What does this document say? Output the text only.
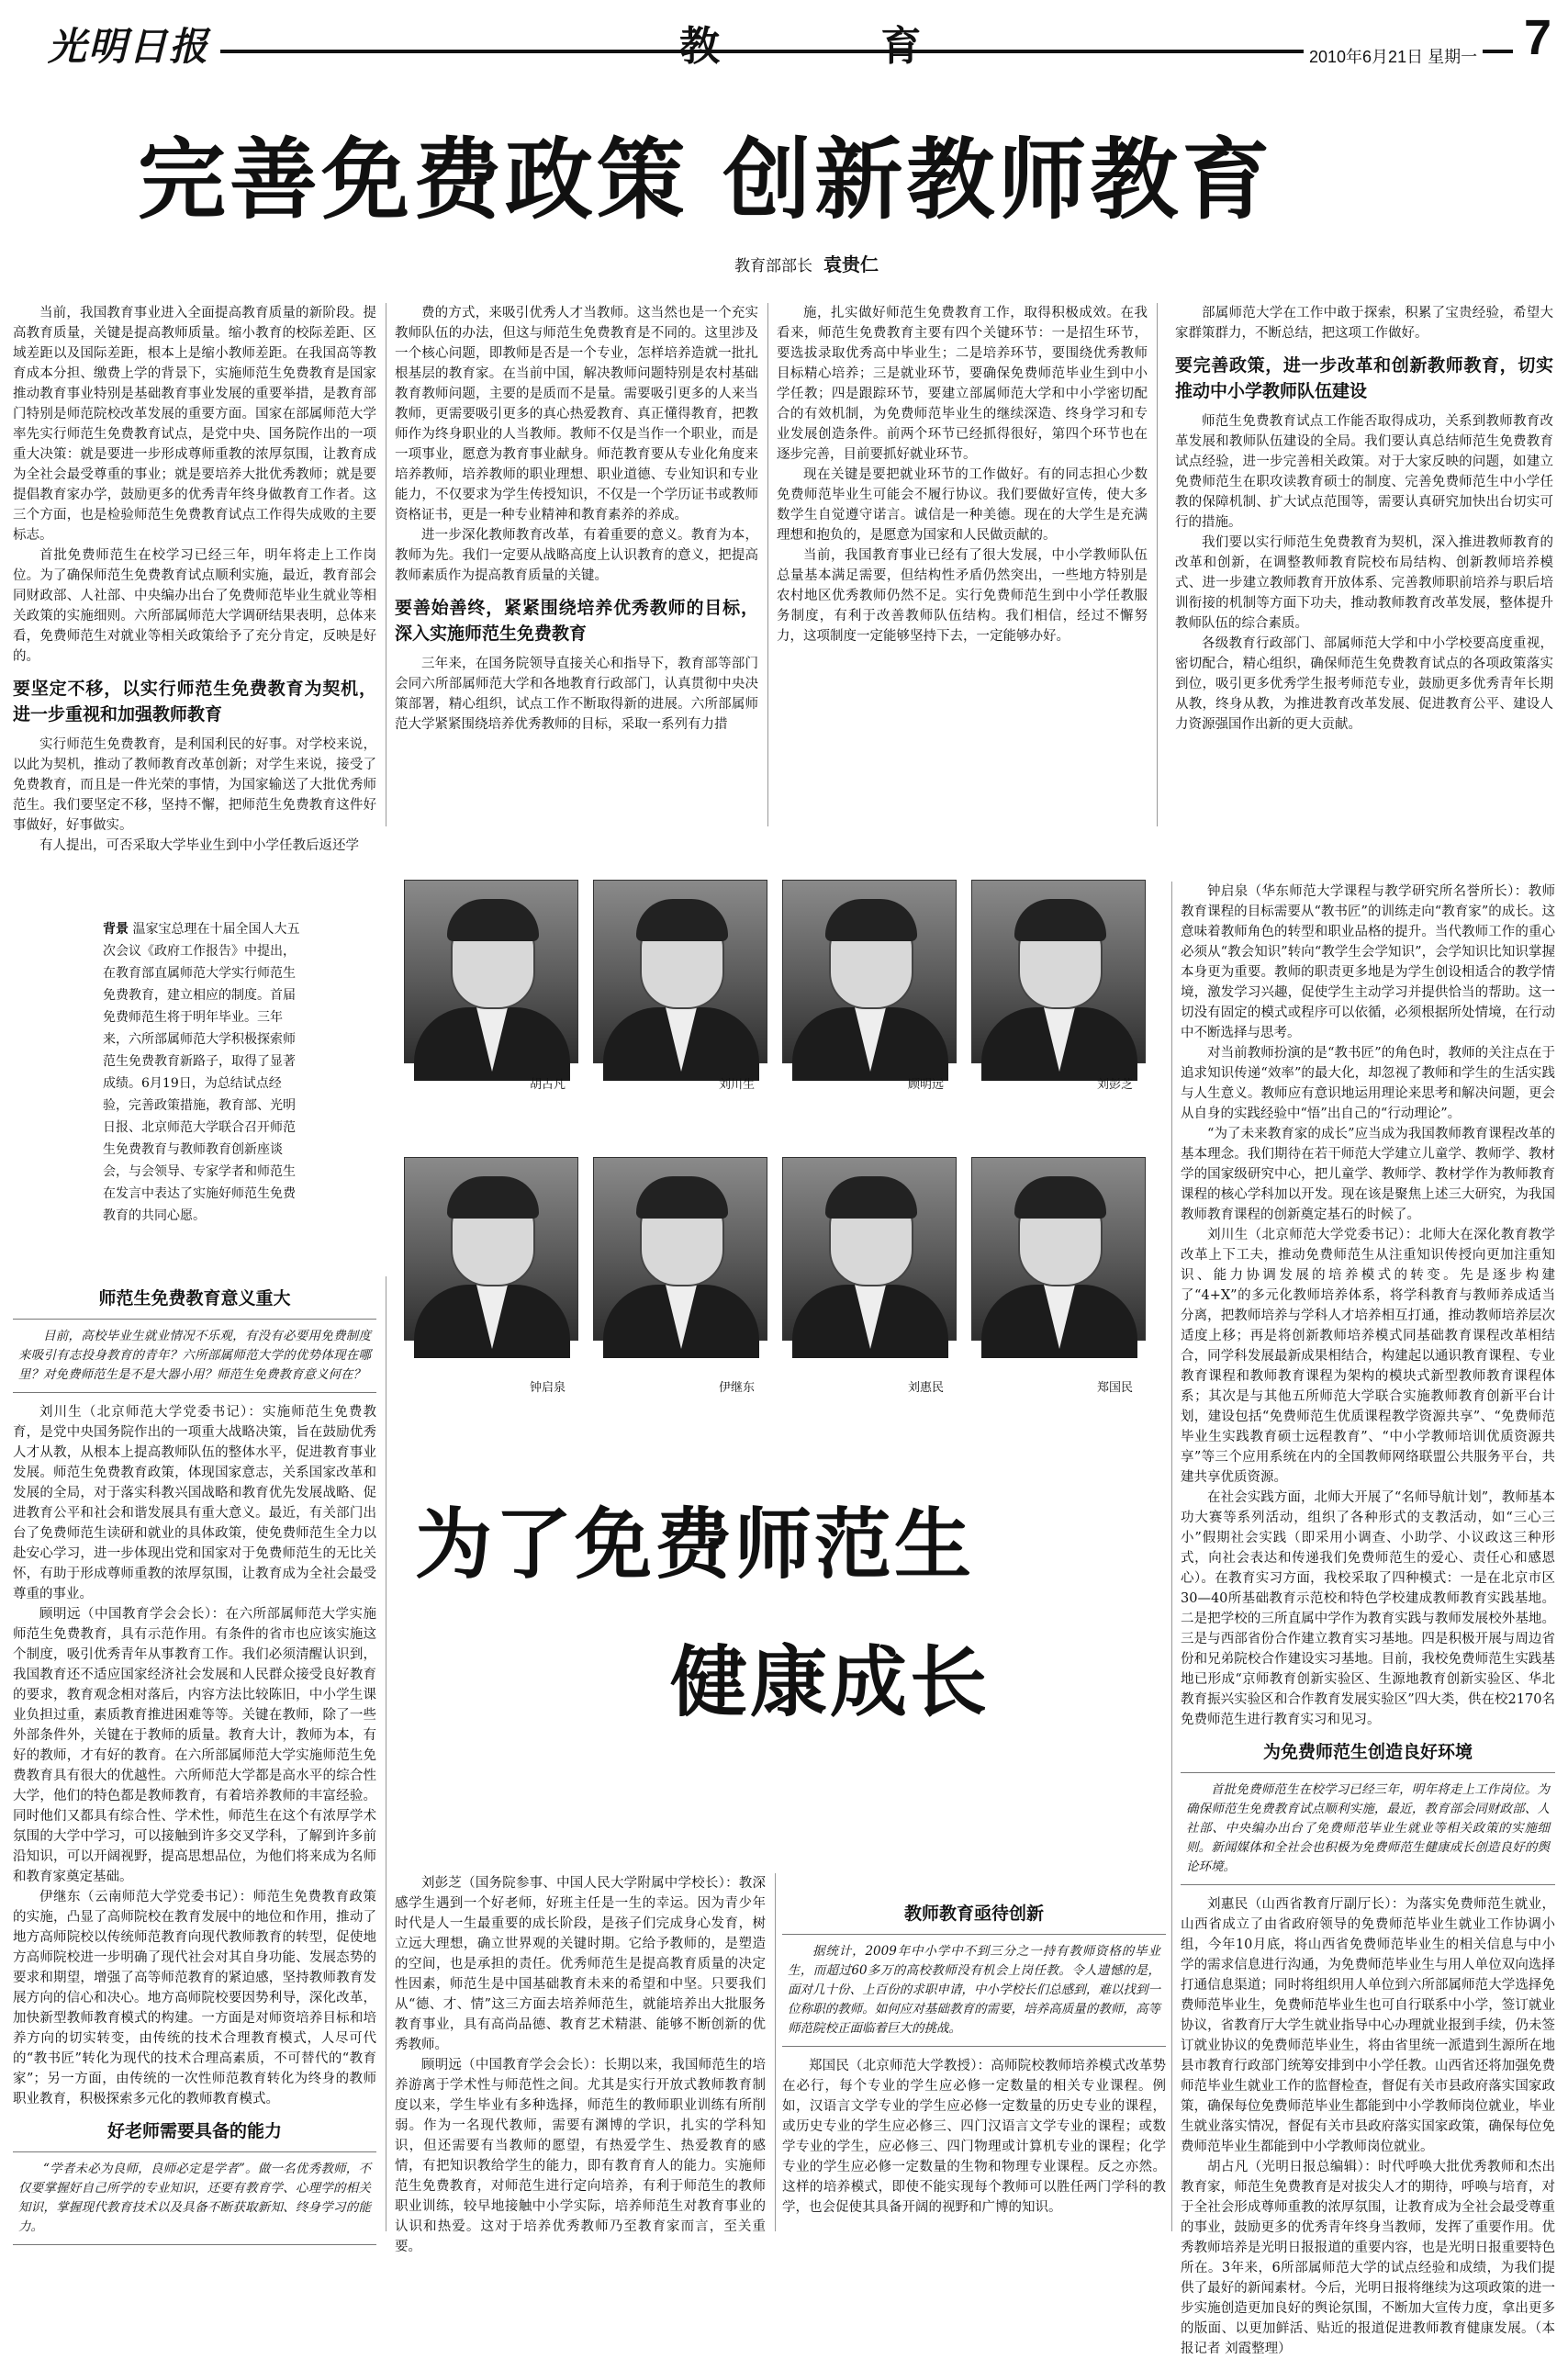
光明日报	教 育	2010年6月21日 星期一 7
完善免费政策 创新教师教育
教育部部长 袁贵仁

当前，我国教育事业进入全面提高教育质量的新阶段。提高教育质量，关键是提高教师质量。缩小教育的校际差距、区域差距以及国际差距，根本上是缩小教师差距。在我国高等教育成本分担、缴费上学的背景下，实施师范生免费教育是国家推动教育事业特别是基础教育事业发展的重要举措，是教育部门特别是师范院校改革发展的重要方面。国家在部属师范大学率先实行师范生免费教育试点，是党中央、国务院作出的一项重大决策：就是要进一步形成尊师重教的浓厚氛围，让教育成为全社会最受尊重的事业；就是要培养大批优秀教师；就是要提倡教育家办学，鼓励更多的优秀青年终身做教育工作者。这三个方面，也是检验师范生免费教育试点工作得失成败的主要标志。

首批免费师范生在校学习已经三年，明年将走上工作岗位。为了确保师范生免费教育试点顺利实施，最近，教育部会同财政部、人社部、中央编办出台了免费师范毕业生就业等相关政策的实施细则。六所部属师范大学调研结果表明，总体来看，免费师范生对就业等相关政策给予了充分肯定，反映是好的。

要坚定不移，以实行师范生免费教育为契机，进一步重视和加强教师教育

实行师范生免费教育，是利国利民的好事。对学校来说，以此为契机，推动了教师教育改革创新；对学生来说，接受了免费教育，而且是一件光荣的事情，为国家输送了大批优秀师范生。我们要坚定不移，坚持不懈，把师范生免费教育这件好事做好，好事做实。

有人提出，可否采取大学毕业生到中小学任教后返还学

费的方式，来吸引优秀人才当教师。这当然也是一个充实教师队伍的办法，但这与师范生免费教育是不同的。这里涉及一个核心问题，即教师是否是一个专业，怎样培养造就一批扎根基层的教育家。在当前中国，解决教师问题特别是农村基础教育教师问题，主要的是质而不是量。需要吸引更多的人来当教师，更需要吸引更多的真心热爱教育、真正懂得教育，把教师作为终身职业的人当教师。教师不仅是当作一个职业，而是一项事业，愿意为教育事业献身。师范教育要从专业化角度来培养教师，培养教师的职业理想、职业道德、专业知识和专业能力，不仅要求为学生传授知识，不仅是一个学历证书或教师资格证书，更是一种专业精神和教育素养的养成。

进一步深化教师教育改革，有着重要的意义。教育为本，教师为先。我们一定要从战略高度上认识教育的意义，把提高教师素质作为提高教育质量的关键。

要善始善终，紧紧围绕培养优秀教师的目标，深入实施师范生免费教育

三年来，在国务院领导直接关心和指导下，教育部等部门会同六所部属师范大学和各地教育行政部门，认真贯彻中央决策部署，精心组织，试点工作不断取得新的进展。六所部属师范大学紧紧围绕培养优秀教师的目标，采取一系列有力措

施，扎实做好师范生免费教育工作，取得积极成效。在我看来，师范生免费教育主要有四个关键环节：一是招生环节，要选拔录取优秀高中毕业生；二是培养环节，要围绕优秀教师目标精心培养；三是就业环节，要确保免费师范毕业生到中小学任教；四是跟踪环节，要建立部属师范大学和中小学密切配合的有效机制，为免费师范毕业生的继续深造、终身学习和专业发展创造条件。前两个环节已经抓得很好，第四个环节也在逐步完善，目前要抓好就业环节。

现在关键是要把就业环节的工作做好。有的同志担心少数免费师范毕业生可能会不履行协议。我们要做好宣传，使大多数学生自觉遵守诺言。诚信是一种美德。现在的大学生是充满理想和抱负的，是愿意为国家和人民做贡献的。

当前，我国教育事业已经有了很大发展，中小学教师队伍总量基本满足需要，但结构性矛盾仍然突出，一些地方特别是农村地区优秀教师仍然不足。实行免费师范生到中小学任教服务制度，有利于改善教师队伍结构。我们相信，经过不懈努力，这项制度一定能够坚持下去，一定能够办好。

部属师范大学在工作中敢于探索，积累了宝贵经验，希望大家群策群力，不断总结，把这项工作做好。

要完善政策，进一步改革和创新教师教育，切实推动中小学教师队伍建设

师范生免费教育试点工作能否取得成功，关系到教师教育改革发展和教师队伍建设的全局。我们要认真总结师范生免费教育试点经验，进一步完善相关政策。对于大家反映的问题，如建立免费师范生在职攻读教育硕士的制度、完善免费师范生中小学任教的保障机制、扩大试点范围等，需要认真研究加快出台切实可行的措施。

我们要以实行师范生免费教育为契机，深入推进教师教育的改革和创新，在调整教师教育院校布局结构、创新教师培养模式、进一步建立教师教育开放体系、完善教师职前培养与职后培训衔接的机制等方面下功夫，推动教师教育改革发展，整体提升教师队伍的综合素质。

各级教育行政部门、部属师范大学和中小学校要高度重视，密切配合，精心组织，确保师范生免费教育试点的各项政策落实到位，吸引更多优秀学生报考师范专业，鼓励更多优秀青年长期从教，终身从教，为推进教育改革发展、促进教育公平、建设人力资源强国作出新的更大贡献。

背景 温家宝总理在十届全国人大五次会议《政府工作报告》中提出，在教育部直属师范大学实行师范生免费教育，建立相应的制度。首届免费师范生将于明年毕业。三年来，六所部属师范大学积极探索师范生免费教育新路子，取得了显著成绩。6月19日，为总结试点经验，完善政策措施，教育部、光明日报、北京师范大学联合召开师范生免费教育与教师教育创新座谈会，与会领导、专家学者和师范生在发言中表达了实施好师范生免费教育的共同心愿。
胡占凡	刘川生	顾明远	刘彭芝
钟启泉	伊继东	刘惠民	郑国民
为了免费师范生
健康成长
师范生免费教育意义重大
目前，高校毕业生就业情况不乐观，有没有必要用免费制度来吸引有志投身教育的青年？六所部属师范大学的优势体现在哪里？对免费师范生是不是大器小用？师范生免费教育意义何在？

刘川生（北京师范大学党委书记）：实施师范生免费教育，是党中央国务院作出的一项重大战略决策，旨在鼓励优秀人才从教，从根本上提高教师队伍的整体水平，促进教育事业发展。师范生免费教育政策，体现国家意志，关系国家改革和发展的全局，对于落实科教兴国战略和教育优先发展战略、促进教育公平和社会和谐发展具有重大意义。最近，有关部门出台了免费师范生读研和就业的具体政策，使免费师范生全力以赴安心学习，进一步体现出党和国家对于免费师范生的无比关怀，有助于形成尊师重教的浓厚氛围，让教育成为全社会最受尊重的事业。

顾明远（中国教育学会会长）：在六所部属师范大学实施师范生免费教育，具有示范作用。有条件的省市也应该实施这个制度，吸引优秀青年从事教育工作。我们必须清醒认识到，我国教育还不适应国家经济社会发展和人民群众接受良好教育的要求，教育观念相对落后，内容方法比较陈旧，中小学生课业负担过重，素质教育推进困难等等。关键在教师，除了一些外部条件外，关键在于教师的质量。教育大计，教师为本，有好的教师，才有好的教育。在六所部属师范大学实施师范生免费教育具有很大的优越性。六所师范大学都是高水平的综合性大学，他们的特色都是教师教育，有着培养教师的丰富经验。同时他们又都具有综合性、学术性，师范生在这个有浓厚学术氛围的大学中学习，可以接触到许多交叉学科，了解到许多前沿知识，可以开阔视野，提高思想品位，为他们将来成为名师和教育家奠定基础。

伊继东（云南师范大学党委书记）：师范生免费教育政策的实施，凸显了高师院校在教育发展中的地位和作用，推动了地方高师院校以传统师范教育向现代教师教育的转型，促使地方高师院校进一步明确了现代社会对其自身功能、发展态势的要求和期望，增强了高等师范教育的紧迫感，坚持教师教育发展方向的信心和决心。地方高师院校要因势利导，深化改革，加快新型教师教育模式的构建。一方面是对师资培养目标和培养方向的切实转变，由传统的技术合理教育模式，人尽可代的“教书匠”转化为现代的技术合理高素质，不可替代的“教育家”；另一方面，由传统的一次性师范教育转化为终身的教师职业教育，积极探索多元化的教师教育模式。

好老师需要具备的能力
“学者未必为良师，良师必定是学者”。做一名优秀教师，不仅要掌握好自己所学的专业知识，还要有教育学、心理学的相关知识，掌握现代教育技术以及具备不断获取新知、终身学习的能力。

刘彭芝（国务院参事、中国人民大学附属中学校长）：教深感学生遇到一个好老师，好班主任是一生的幸运。因为青少年时代是人一生最重要的成长阶段，是孩子们完成身心发育，树立远大理想，确立世界观的关键时期。它给予教师的，是塑造的空间，也是承担的责任。优秀师范生是提高教育质量的决定性因素，师范生是中国基础教育未来的希望和中坚。只要我们从“德、才、情”这三方面去培养师范生，就能培养出大批服务教育事业，具有高尚品德、教育艺术精湛、能够不断创新的优秀教师。

顾明远（中国教育学会会长）：长期以来，我国师范生的培养游离于学术性与师范性之间。尤其是实行开放式教师教育制度以来，学生毕业有多种选择，师范生的教师职业训练有所削弱。作为一名现代教师，需要有渊博的学识，扎实的学科知识，但还需要有当教师的愿望，有热爱学生、热爱教育的感情，有把知识教给学生的能力，即有教育育人的能力。实施师范生免费教育，对师范生进行定向培养，有利于师范生的教师职业训练，较早地接触中小学实际，培养师范生对教育事业的认识和热爱。这对于培养优秀教师乃至教育家而言，至关重要。

教师教育亟待创新
据统计，2009年中小学中不到三分之一持有教师资格的毕业生，而超过60多万的高校教师没有机会上岗任教。令人遗憾的是，面对几十份、上百份的求职申请，中小学校长们总感到，难以找到一位称职的教师。如何应对基础教育的需要，培养高质量的教师，高等师范院校正面临着巨大的挑战。

郑国民（北京师范大学教授）：高师院校教师培养模式改革势在必行，每个专业的学生应必修一定数量的相关专业课程。例如，汉语言文学专业的学生应必修一定数量的历史专业的课程，或历史专业的学生应必修三、四门汉语言文学专业的课程；或数学专业的学生，应必修三、四门物理或计算机专业的课程；化学专业的学生应必修一定数量的生物和物理专业课程。反之亦然。这样的培养模式，即使不能实现每个教师可以胜任两门学科的教学，也会促使其具备开阔的视野和广博的知识。

钟启泉（华东师范大学课程与教学研究所名誉所长）：教师教育课程的目标需要从“教书匠”的训练走向“教育家”的成长。这意味着教师角色的转型和职业品格的提升。当代教师工作的重心必须从“教会知识”转向“教学生会学知识”，会学知识比知识掌握本身更为重要。教师的职责更多地是为学生创设相适合的教学情境，激发学习兴趣，促使学生主动学习并提供恰当的帮助。这一切没有固定的模式或程序可以依循，必须根据所处情境，在行动中不断选择与思考。

对当前教师扮演的是“教书匠”的角色时，教师的关注点在于追求知识传递“效率”的最大化，却忽视了教师和学生的生活实践与人生意义。教师应有意识地运用理论来思考和解决问题，更会从自身的实践经验中“悟”出自己的“行动理论”。

“为了未来教育家的成长”应当成为我国教师教育课程改革的基本理念。我们期待在若干师范大学建立儿童学、教师学、教材学的国家级研究中心，把儿童学、教师学、教材学作为教师教育课程的核心学科加以开发。现在该是聚焦上述三大研究，为我国教师教育课程的创新奠定基石的时候了。

刘川生（北京师范大学党委书记）：北师大在深化教育教学改革上下工夫，推动免费师范生从注重知识传授向更加注重知识、能力协调发展的培养模式的转变。先是逐步构建了“4+X”的多元化教师培养体系，将学科教育与教师养成适当分离，把教师培养与学科人才培养相互打通，推动教师培养层次适度上移；再是将创新教师培养模式同基础教育课程改革相结合，同学科发展最新成果相结合，构建起以通识教育课程、专业教育课程和教师教育课程为架构的模块式新型教师教育课程体系；其次是与其他五所师范大学联合实施教师教育创新平台计划，建设包括“免费师范生优质课程教学资源共享”、“免费师范毕业生实践教育硕士远程教育”、“中小学教师培训优质资源共享”等三个应用系统在内的全国教师网络联盟公共服务平台，共建共享优质资源。

在社会实践方面，北师大开展了“名师导航计划”，教师基本功大赛等系列活动，组织了各种形式的支教活动，如“三心三小”假期社会实践（即采用小调查、小助学、小议政这三种形式，向社会表达和传递我们免费师范生的爱心、责任心和感恩心）。在教育实习方面，我校采取了四种模式：一是在北京市区30—40所基础教育示范校和特色学校建成教师教育实践基地。二是把学校的三所直属中学作为教育实践与教师发展校外基地。三是与西部省份合作建立教育实习基地。四是积极开展与周边省份和兄弟院校合作建设实习基地。目前，我校免费师范生实践基地已形成“京师教育创新实验区、生源地教育创新实验区、华北教育振兴实验区和合作教育发展实验区”四大类，供在校2170名免费师范生进行教育实习和见习。

为免费师范生创造良好环境
首批免费师范生在校学习已经三年，明年将走上工作岗位。为确保师范生免费教育试点顺利实施，最近，教育部会同财政部、人社部、中央编办出台了免费师范毕业生就业等相关政策的实施细则。新闻媒体和全社会也积极为免费师范生健康成长创造良好的舆论环境。

刘惠民（山西省教育厅副厅长）：为落实免费师范生就业，山西省成立了由省政府领导的免费师范毕业生就业工作协调小组，今年10月底，将山西省免费师范毕业生的相关信息与中小学的需求信息进行沟通，为免费师范毕业生与用人单位双向选择打通信息渠道；同时将组织用人单位到六所部属师范大学选择免费师范毕业生，免费师范毕业生也可自行联系中小学，签订就业协议，省教育厅大学生就业指导中心办理就业报到手续，仍未签订就业协议的免费师范毕业生，将由省里统一派遣到生源所在地县市教育行政部门统筹安排到中小学任教。山西省还将加强免费师范毕业生就业工作的监督检查，督促有关市县政府落实国家政策，确保每位免费师范毕业生都能到中小学教师岗位就业，毕业生就业落实情况，督促有关市县政府落实国家政策，确保每位免费师范毕业生都能到中小学教师岗位就业。

胡占凡（光明日报总编辑）：时代呼唤大批优秀教师和杰出教育家，师范生免费教育是对拔尖人才的期待，呼唤与培育，对于全社会形成尊师重教的浓厚氛围，让教育成为全社会最受尊重的事业，鼓励更多的优秀青年终身当教师，发挥了重要作用。优秀教师培养是光明日报报道的重要内容，也是光明日报重要特色所在。3年来，6所部属师范大学的试点经验和成绩，为我们提供了最好的新闻素材。今后，光明日报将继续为这项政策的进一步实施创造更加良好的舆论氛围，不断加大宣传力度，拿出更多的版面、以更加鲜活、贴近的报道促进教师教育健康发展。（本报记者 刘霞整理）
